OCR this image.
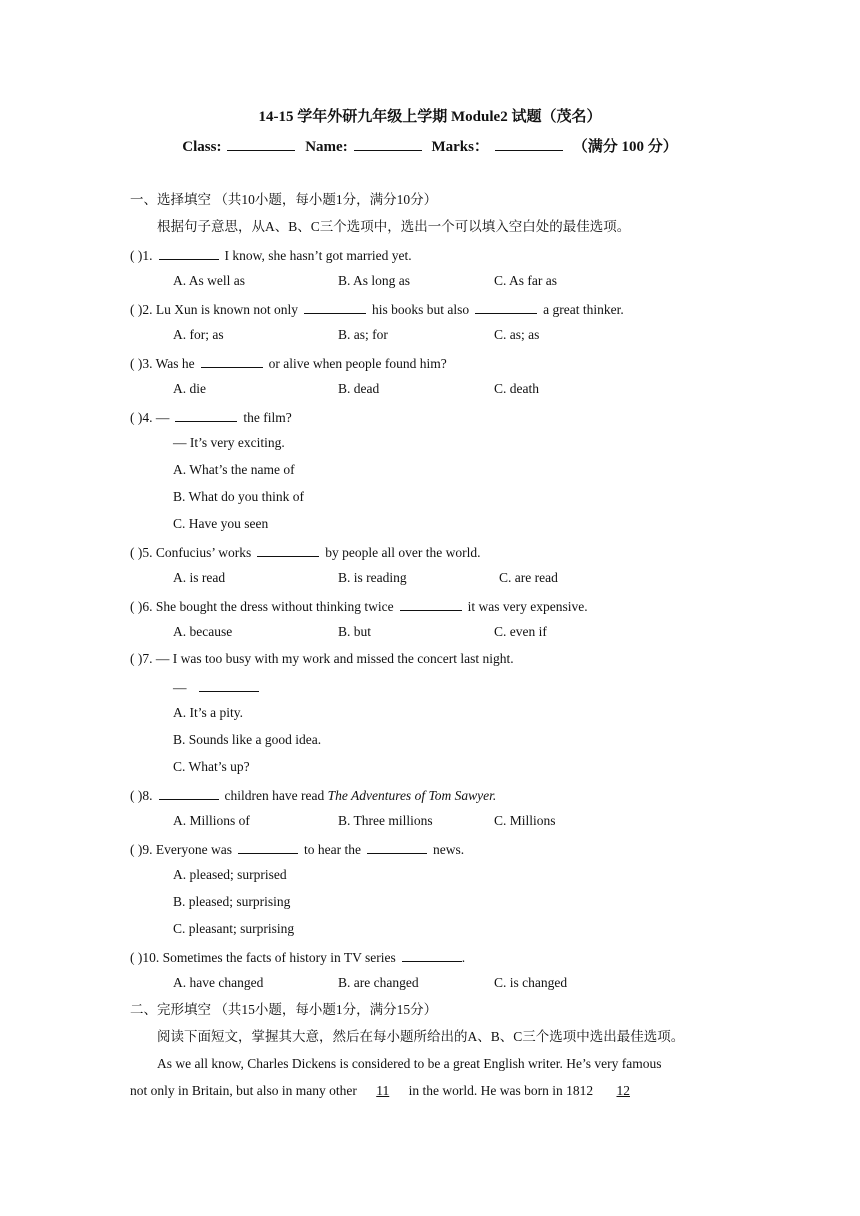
14-15 学年外研九年级上学期 Module2 试题（茂名）
Class:	Name:	Marks：	（满分 100 分）
一、选择填空 （共10小题，每小题1分，满分10分）
根据句子意思，从A、B、C三个选项中，选出一个可以填入空白处的最佳选项。
( )1.	I know, she hasn’t got married yet.
A. As well as	B. As long as	C. As far as
( )2. Lu Xun is known not only	his books but also	a great thinker.
A. for; as	B. as; for	C. as; as
( )3. Was he	or alive when people found him?
A. die	B. dead	C. death
( )4. —	the film?
— It’s very exciting.
A. What’s the name of
B. What do you think of
C. Have you seen
( )5. Confucius’ works	by people all over the world.
A. is read	B. is reading	C. are read
( )6. She bought the dress without thinking twice	it was very expensive.
A. because	B. but	C. even if
( )7. — I was too busy with my work and missed the concert last night.
—
A. It’s a pity.
B. Sounds like a good idea.
C. What’s up?
( )8.	children have read The Adventures of Tom Sawyer.
A. Millions of	B. Three millions	C. Millions
( )9. Everyone was	to hear the	news.
A. pleased; surprised
B. pleased; surprising
C. pleasant; surprising
( )10. Sometimes the facts of history in TV series	.
A. have changed	B. are changed	C. is changed
二、完形填空 （共15小题，每小题1分，满分15分）
阅读下面短文，掌握其大意，然后在每小题所给出的A、B、C三个选项中选出最佳选项。
As we all know, Charles Dickens is considered to be a great English writer. He’s very famous
not only in Britain, but also in many other 11 in the world. He was born in 1812 12
